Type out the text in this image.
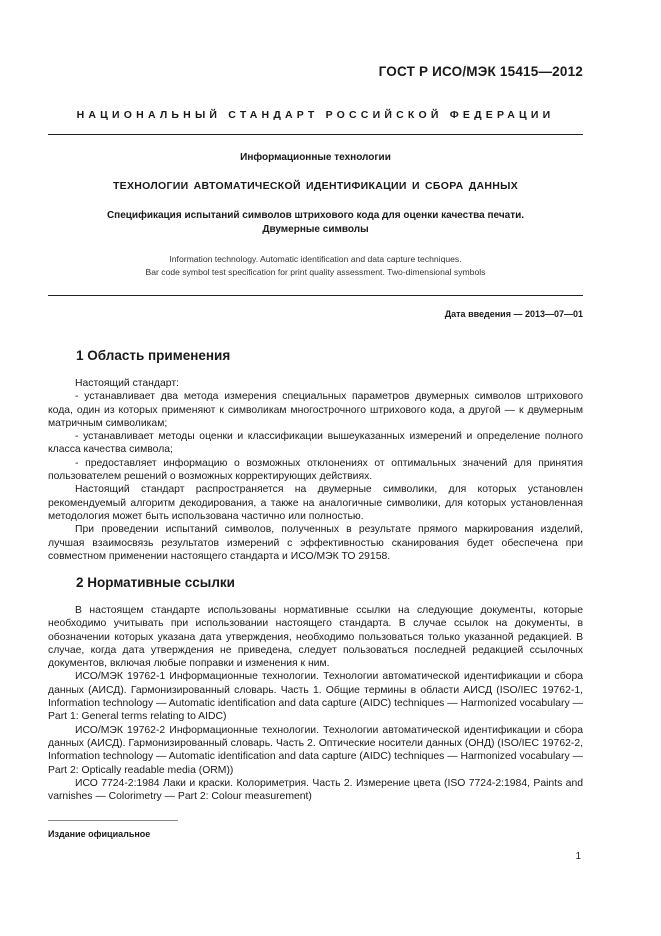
ГОСТ Р ИСО/МЭК 15415—2012
НАЦИОНАЛЬНЫЙ СТАНДАРТ РОССИЙСКОЙ ФЕДЕРАЦИИ
Информационные технологии
ТЕХНОЛОГИИ АВТОМАТИЧЕСКОЙ ИДЕНТИФИКАЦИИ И СБОРА ДАННЫХ
Спецификация испытаний символов штрихового кода для оценки качества печати.
Двумерные символы
Information technology. Automatic identification and data capture techniques.
Bar code symbol test specification for print quality assessment. Two-dimensional symbols
Дата введения — 2013—07—01
1 Область применения

Настоящий стандарт:

- устанавливает два метода измерения специальных параметров двумерных символов штрихового кода, один из которых применяют к символикам многострочного штрихового кода, а другой — к двумерным матричным символикам;

- устанавливает методы оценки и классификации вышеуказанных измерений и определение полного класса качества символа;

- предоставляет информацию о возможных отклонениях от оптимальных значений для принятия пользователем решений о возможных корректирующих действиях.

Настоящий стандарт распространяется на двумерные символики, для которых установлен рекомендуемый алгоритм декодирования, а также на аналогичные символики, для которых установленная методология может быть использована частично или полностью.

При проведении испытаний символов, полученных в результате прямого маркирования изделий, лучшая взаимосвязь результатов измерений с эффективностью сканирования будет обеспечена при совместном применении настоящего стандарта и ИСО/МЭК ТО 29158.

2 Нормативные ссылки

В настоящем стандарте использованы нормативные ссылки на следующие документы, которые необходимо учитывать при использовании настоящего стандарта. В случае ссылок на документы, в обозначении которых указана дата утверждения, необходимо пользоваться только указанной редакцией. В случае, когда дата утверждения не приведена, следует пользоваться последней редакцией ссылочных документов, включая любые поправки и изменения к ним.

ИСО/МЭК 19762-1 Информационные технологии. Технологии автоматической идентификации и сбора данных (АИСД). Гармонизированный словарь. Часть 1. Общие термины в области АИСД (ISO/IEC 19762-1, Information technology — Automatic identification and data capture (AIDC) techniques — Harmonized vocabulary — Part 1: General terms relating to AIDC)

ИСО/МЭК 19762-2 Информационные технологии. Технологии автоматической идентификации и сбора данных (АИСД). Гармонизированный словарь. Часть 2. Оптические носители данных (ОНД) (ISO/IEC 19762-2, Information technology — Automatic identification and data capture (AIDC) techniques — Harmonized vocabulary — Part 2: Optically readable media (ORM))

ИСО 7724-2:1984 Лаки и краски. Колориметрия. Часть 2. Измерение цвета (ISO 7724-2:1984, Paints and varnishes — Colorimetry — Part 2: Colour measurement)

Издание официальное
1
